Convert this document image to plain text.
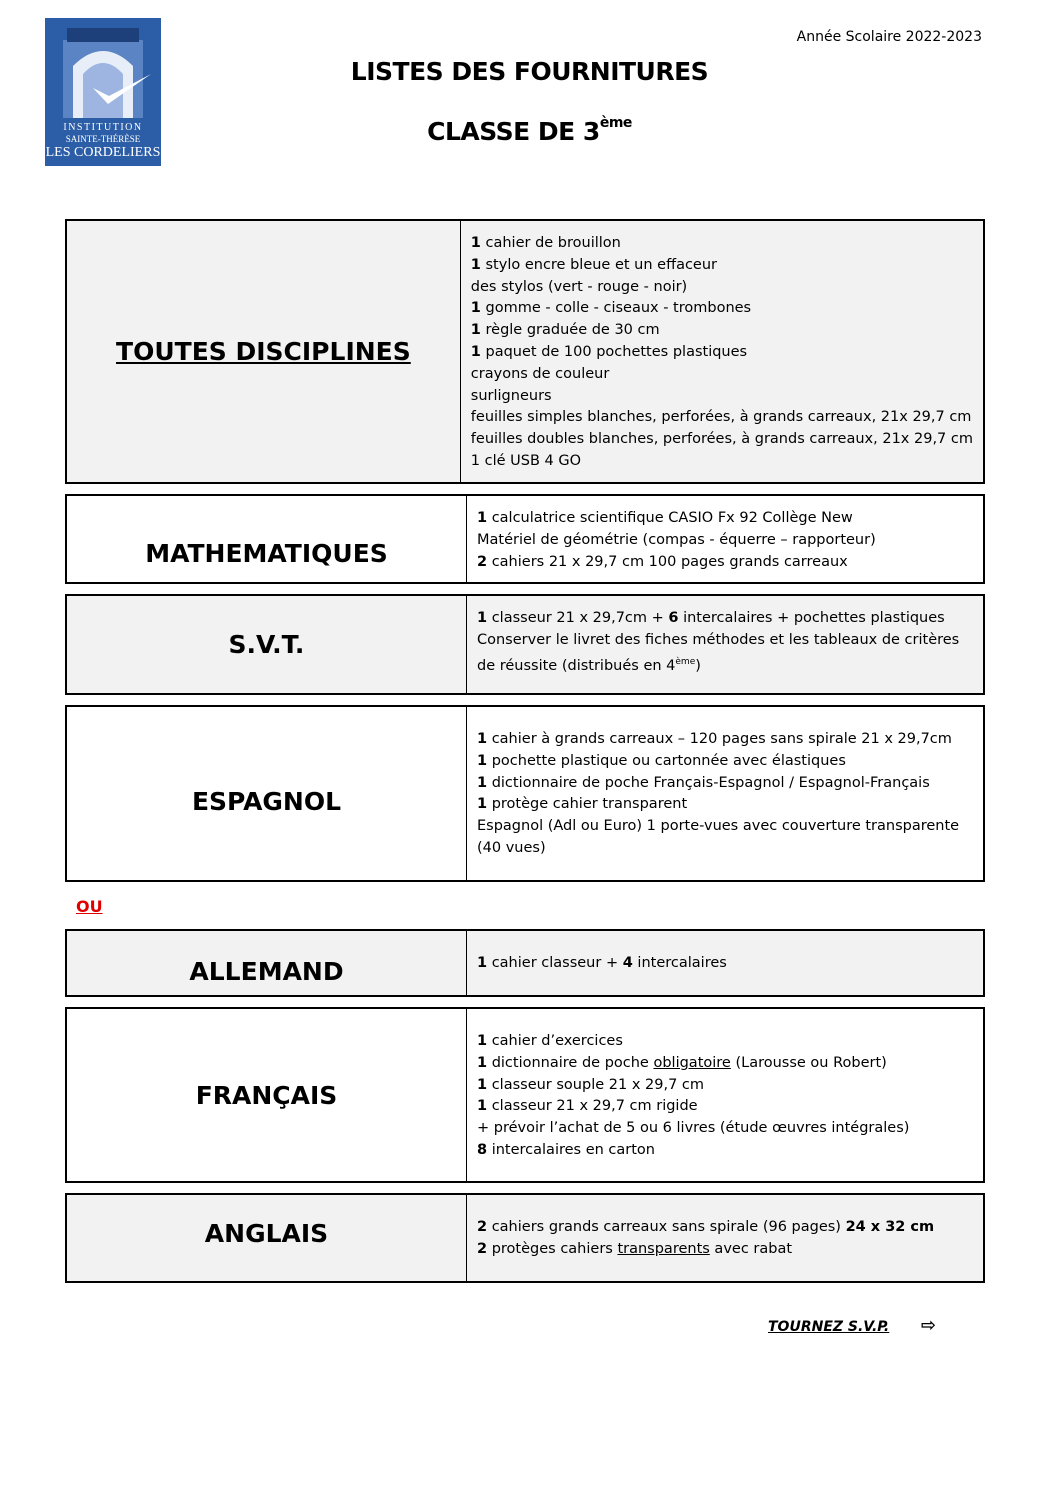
INSTITUTION
SAINTE-THÉRÈSE
LES CORDELIERS
Année Scolaire 2022-2023
LISTES DES FOURNITURES
CLASSE DE 3ème
TOUTES DISCIPLINES
1 cahier de brouillon
1 stylo encre bleue et un effaceur
des stylos (vert - rouge - noir)
1 gomme - colle - ciseaux - trombones
1 règle graduée de 30 cm
1 paquet de 100 pochettes plastiques
crayons de couleur
surligneurs
feuilles simples blanches, perforées, à grands carreaux, 21x 29,7 cm
feuilles doubles blanches, perforées, à grands carreaux, 21x 29,7 cm
1 clé USB 4 GO
MATHEMATIQUES
1 calculatrice scientifique CASIO Fx 92 Collège New
Matériel de géométrie (compas - équerre – rapporteur)
2 cahiers 21 x 29,7 cm 100 pages grands carreaux
S.V.T.
1 classeur 21 x 29,7cm + 6 intercalaires + pochettes plastiques
Conserver le livret des fiches méthodes et les tableaux de critères
de réussite (distribués en 4ème)
ESPAGNOL
1 cahier à grands carreaux – 120 pages sans spirale 21 x 29,7cm
1 pochette plastique ou cartonnée avec élastiques
1 dictionnaire de poche Français-Espagnol / Espagnol-Français
1 protège cahier transparent
Espagnol (Adl ou Euro) 1 porte-vues avec couverture transparente
(40 vues)
OU
ALLEMAND	1 cahier classeur + 4 intercalaires
FRANÇAIS
1 cahier d’exercices
1 dictionnaire de poche obligatoire (Larousse ou Robert)
1 classeur souple 21 x 29,7 cm
1 classeur 21 x 29,7 cm rigide
+ prévoir l’achat de 5 ou 6 livres (étude œuvres intégrales)
8 intercalaires en carton
ANGLAIS	2 cahiers grands carreaux sans spirale (96 pages) 24 x 32 cm
2 protèges cahiers transparents avec rabat
TOURNEZ S.V.P. ⇨
